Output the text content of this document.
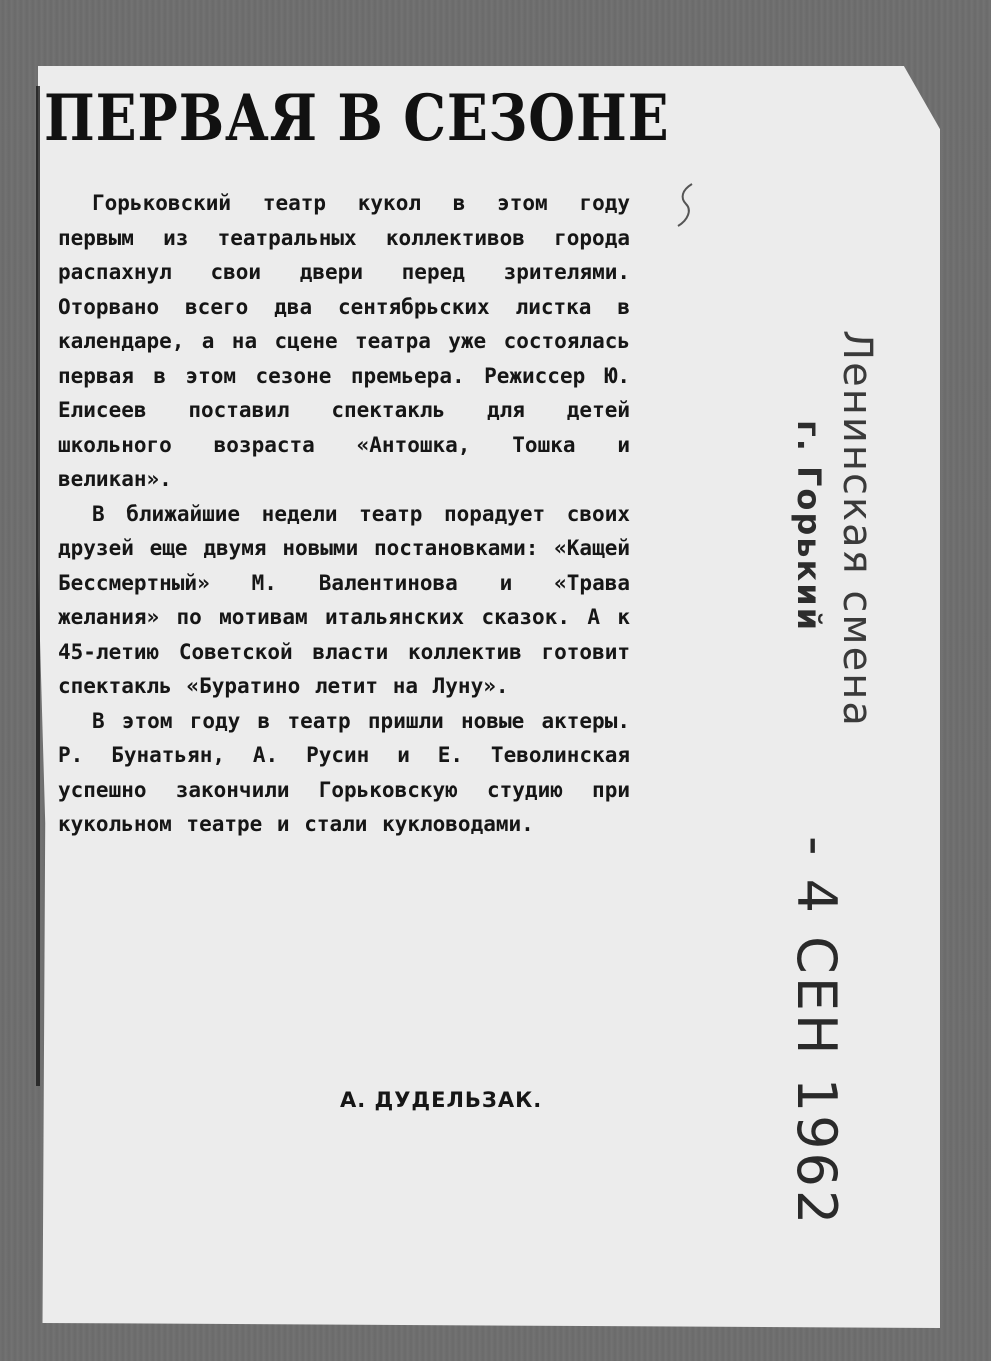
ПЕРВАЯ В СЕЗОНЕ

Горьковский театр кукол в этом году первым из театральных коллективов города распахнул свои двери перед зрителями. Оторвано всего два сентябрьских листка в календаре, а на сцене театра уже состоялась первая в этом сезоне премьера. Режиссер Ю. Елисеев поставил спектакль для детей школьного возраста «Антошка, Тошка и великан».

В ближайшие недели театр порадует своих друзей еще двумя новыми постановками: «Кащей Бессмертный» М. Валентинова и «Трава желания» по мотивам итальянских сказок. А к 45-летию Советской власти коллектив готовит спектакль «Буратино летит на Луну».

В этом году в театр пришли новые актеры. Р. Бунатьян, А. Русин и Е. Теволинская успешно закончили Горьковскую студию при кукольном театре и стали кукловодами.

А. ДУДЕЛЬЗАК.

Ленинская смена

г. Горький

- 4 СЕН 1962
